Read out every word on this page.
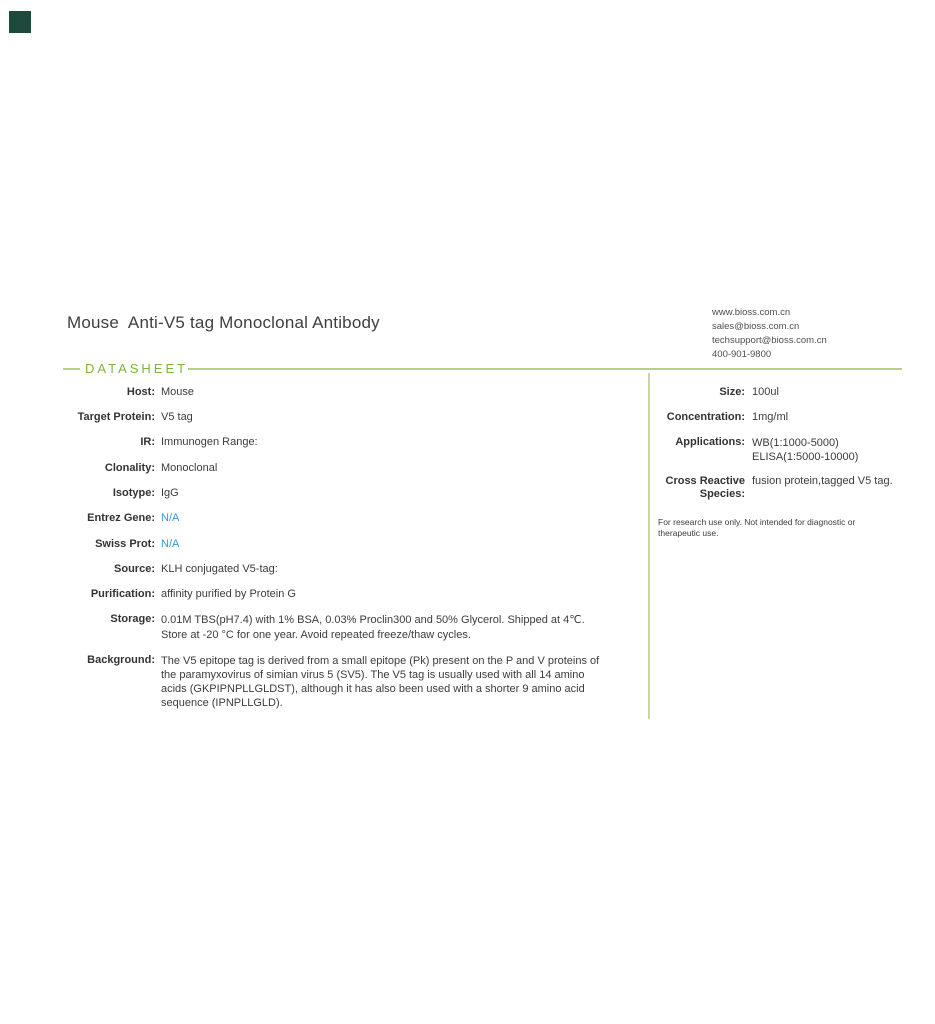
Mouse  Anti-V5 tag Monoclonal Antibody
www.bioss.com.cn
sales@bioss.com.cn
techsupport@bioss.com.cn
400-901-9800
DATASHEET
Host: Mouse
Target Protein: V5 tag
IR: Immunogen Range:
Clonality: Monoclonal
Isotype: IgG
Entrez Gene: N/A
Swiss Prot: N/A
Source: KLH conjugated V5-tag:
Purification: affinity purified by Protein G
Storage: 0.01M TBS(pH7.4) with 1% BSA, 0.03% Proclin300 and 50% Glycerol. Shipped at 4℃.
Store at -20 °C for one year. Avoid repeated freeze/thaw cycles.
Background: The V5 epitope tag is derived from a small epitope (Pk) present on the P and V proteins of
the paramyxovirus of simian virus 5 (SV5). The V5 tag is usually used with all 14 amino
acids (GKPIPNPLLGLDST), although it has also been used with a shorter 9 amino acid
sequence (IPNPLLGLD).
Size: 100ul
Concentration: 1mg/ml
Applications: WB(1:1000-5000)
ELISA(1:5000-10000)
Cross Reactive
Species:
fusion protein,tagged V5 tag.
For research use only. Not intended for diagnostic or
therapeutic use.
